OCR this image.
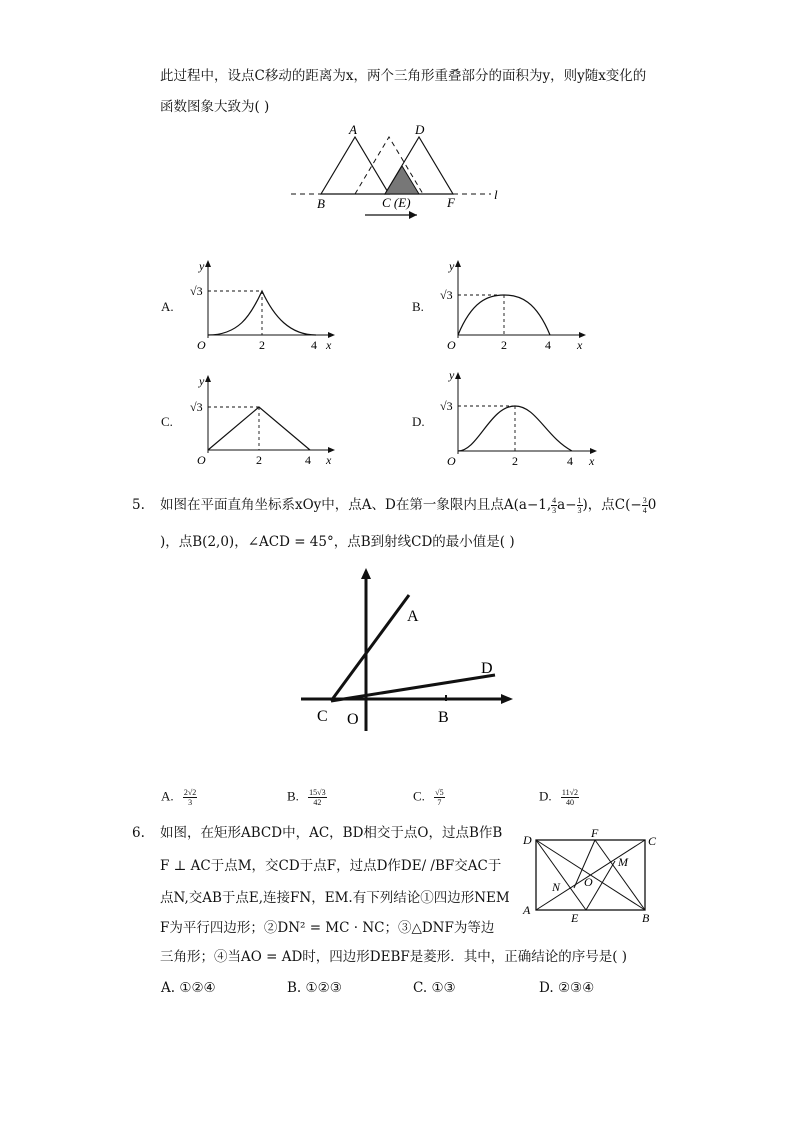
此过程中，设点C移动的距离为x，两个三角形重叠部分的面积为y，则y随x变化的
函数图象大致为( )
A	D
B	C (E)	F
l
A.
y
√3
O	2	4 x
B.
y
√3
O	2	4 x
C.
y
√3
O	2	4 x
D.
y
√3
O	2	4 x
5. 如图在平面直角坐标系xOy中，点A、D在第一象限内且点A(a−1, $\frac{4}{3} a- \frac{1}{3}$ )，点$C(- \frac{3}{4} 0$
)，点B(2,0)，∠ACD = 45°，点B到射线CD的最小值是( )
A
D
C O	B
A. $\frac{2√2}{3}$	B. $\frac{15√3}{42}$	C. $\frac{√5}{7}$	D. $\frac{11√2}{40}$
6. 如图，在矩形ABCD中，AC，BD相交于点O，过点B作B
F ⊥ AC于点M，交CD于点F，过点D作DE/ /BF交AC于
点N,交AB于点E,连接FN，EM.有下列结论①四边形NEM
F为平行四边形；②DN² = MC · NC；③△DNF为等边
三角形；④当AO = AD时，四边形DEBF是菱形．其中，正确结论的序号是( )
D	F
C
M
N O
A
E	B
A. ①②④	B. ①②③	C. ①③	D. ②③④
